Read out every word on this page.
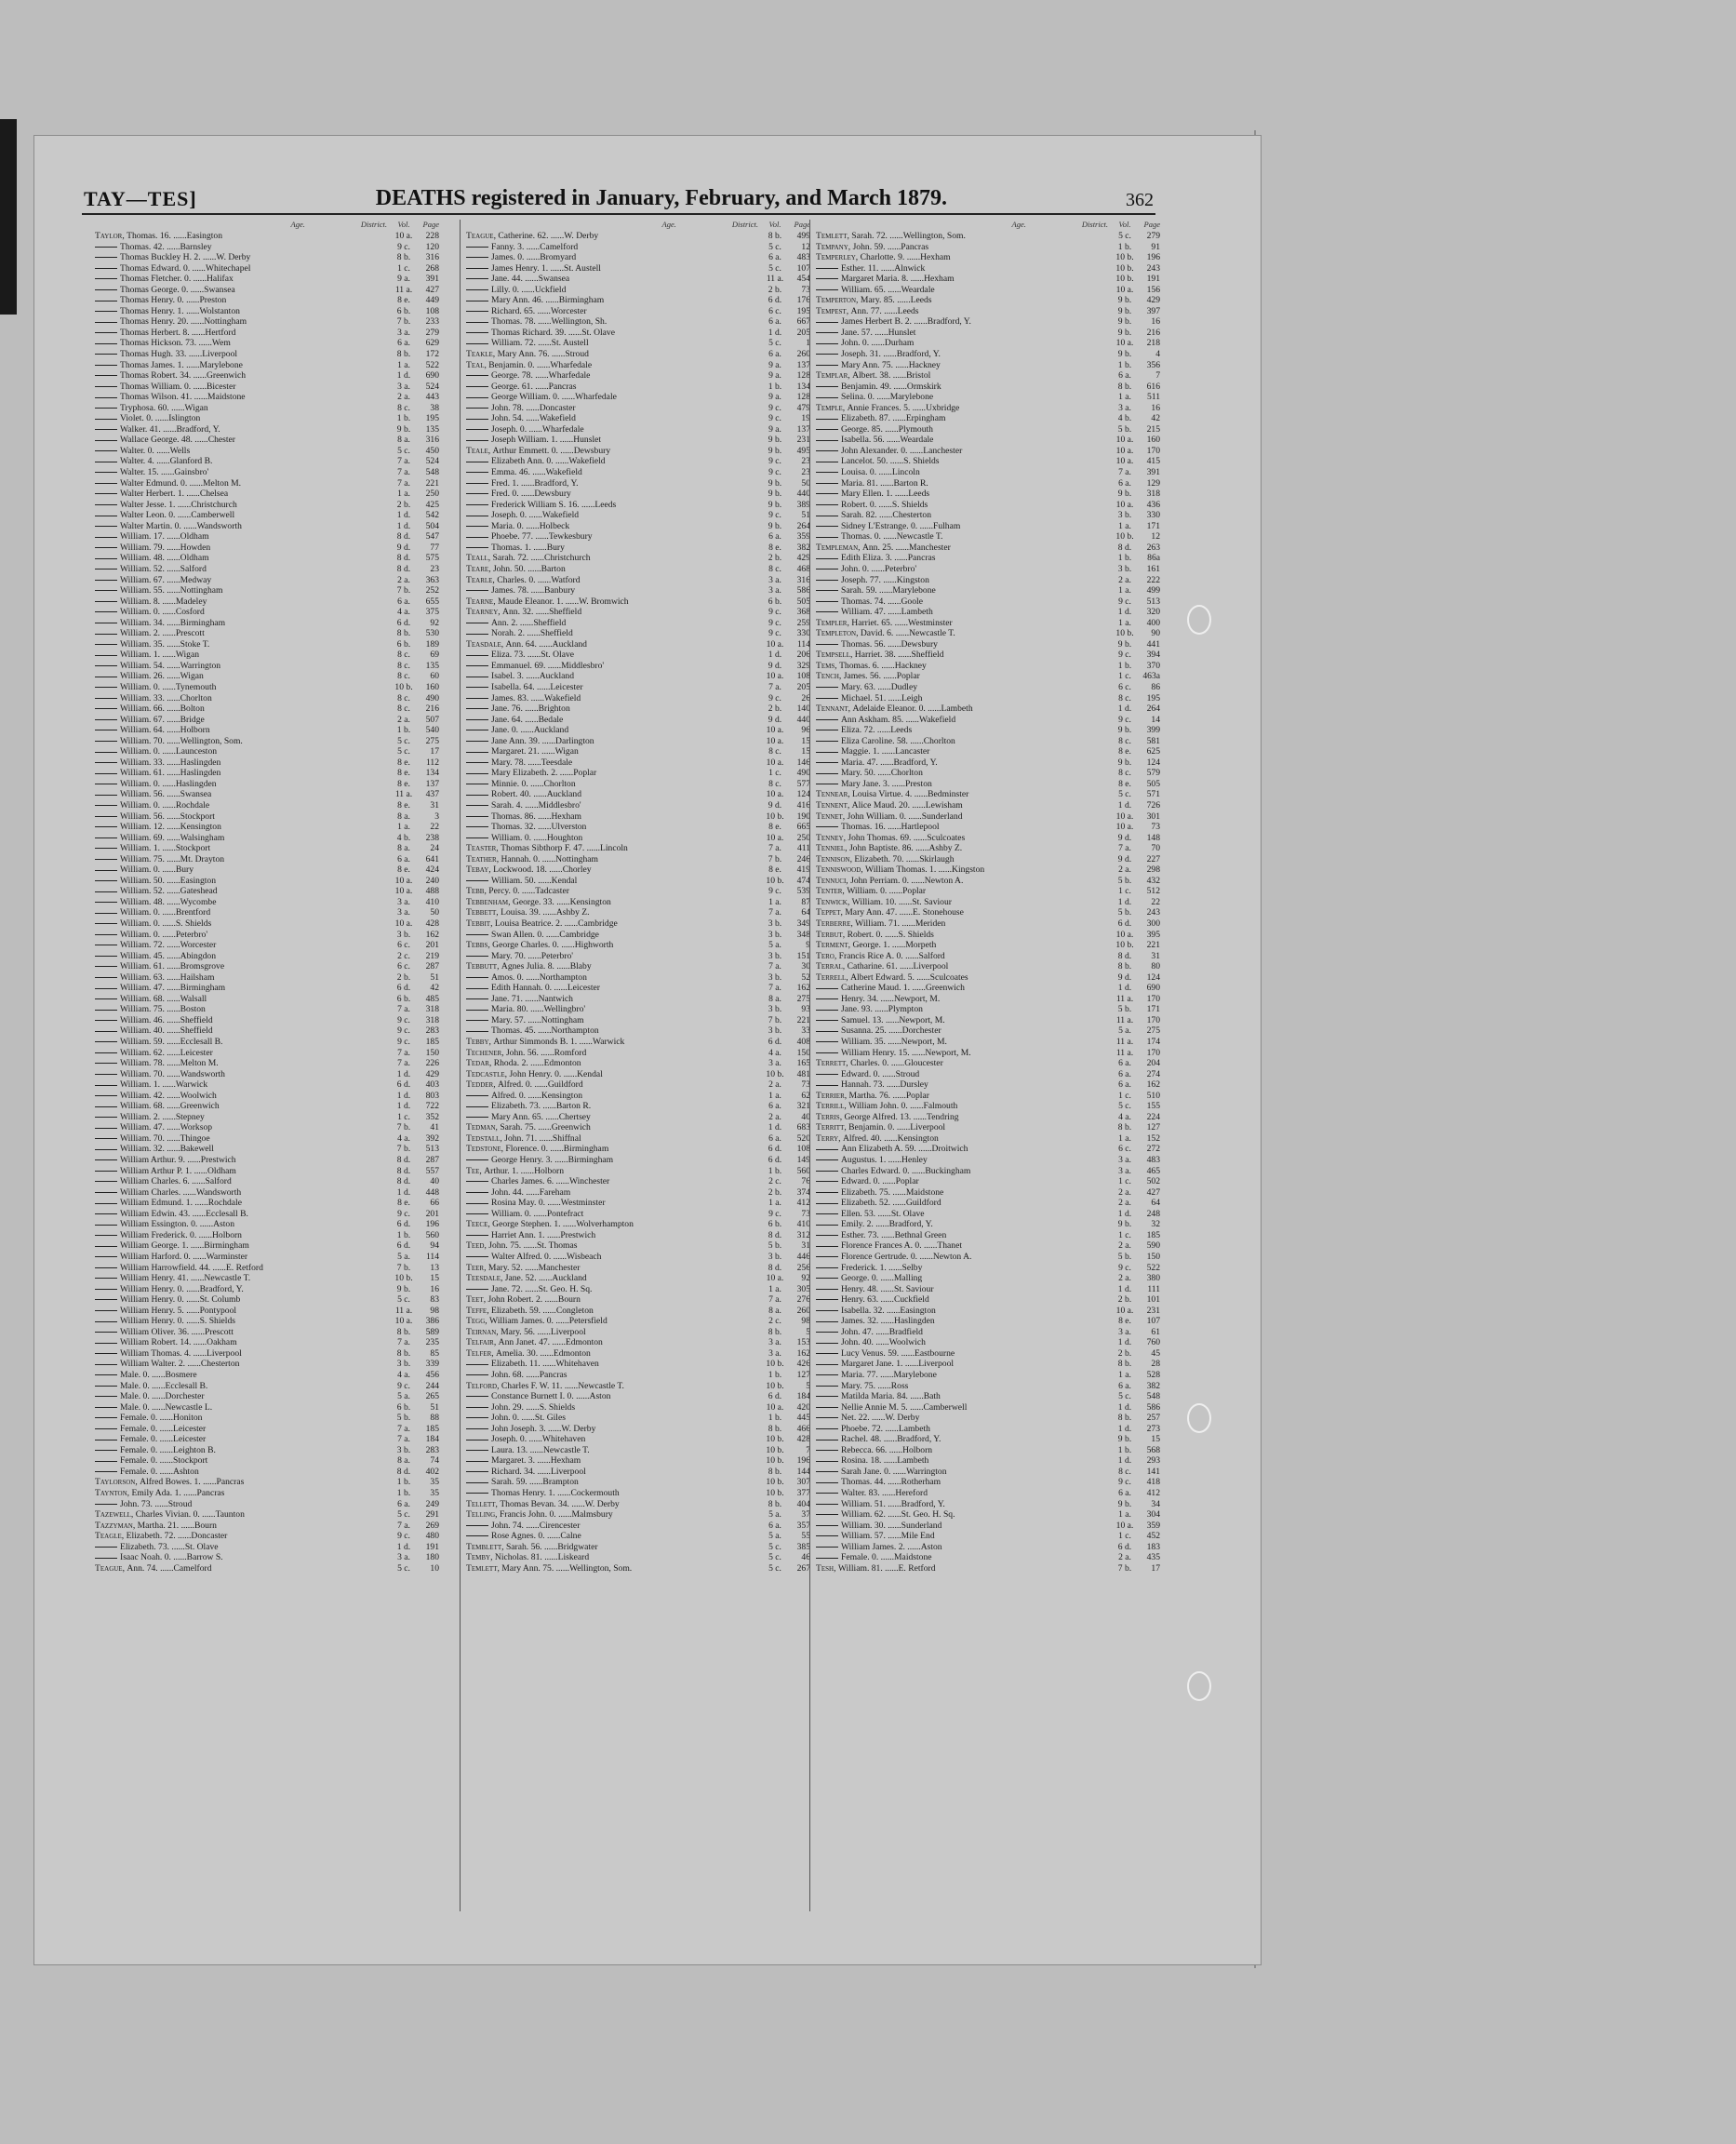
TAY—TES]	DEATHS registered in January, February, and March 1879.	362
Age.	District.	Vol.	Page
Taylor, Thomas. 16. ......Easington	10 a.	228
Thomas. 42. ......Barnsley	9 c.	120
Thomas Buckley H. 2. ......W. Derby	8 b.	316
Thomas Edward. 0. ......Whitechapel	1 c.	268
Thomas Fletcher. 0. ......Halifax	9 a.	391
Thomas George. 0. ......Swansea	11 a.	427
Thomas Henry. 0. ......Preston	8 e.	449
Thomas Henry. 1. ......Wolstanton	6 b.	108
Thomas Henry. 20. ......Nottingham	7 b.	233
Thomas Herbert. 8. ......Hertford	3 a.	279
Thomas Hickson. 73. ......Wem	6 a.	629
Thomas Hugh. 33. ......Liverpool	8 b.	172
Thomas James. 1. ......Marylebone	1 a.	522
Thomas Robert. 34. ......Greenwich	1 d.	690
Thomas William. 0. ......Bicester	3 a.	524
Thomas Wilson. 41. ......Maidstone	2 a.	443
Tryphosa. 60. ......Wigan	8 c.	38
Violet. 0. ......Islington	1 b.	195
Walker. 41. ......Bradford, Y.	9 b.	135
Wallace George. 48. ......Chester	8 a.	316
Walter. 0. ......Wells	5 c.	450
Walter. 4. ......Glanford B.	7 a.	524
Walter. 15. ......Gainsbro'	7 a.	548
Walter Edmund. 0. ......Melton M.	7 a.	221
Walter Herbert. 1. ......Chelsea	1 a.	250
Walter Jesse. 1. ......Christchurch	2 b.	425
Walter Leon. 0. ......Camberwell	1 d.	542
Walter Martin. 0. ......Wandsworth	1 d.	504
William. 17. ......Oldham	8 d.	547
William. 79. ......Howden	9 d.	77
William. 48. ......Oldham	8 d.	575
William. 52. ......Salford	8 d.	23
William. 67. ......Medway	2 a.	363
William. 55. ......Nottingham	7 b.	252
William. 8. ......Madeley	6 a.	655
William. 0. ......Cosford	4 a.	375
William. 34. ......Birmingham	6 d.	92
William. 2. ......Prescott	8 b.	530
William. 35. ......Stoke T.	6 b.	189
William. 1. ......Wigan	8 c.	69
William. 54. ......Warrington	8 c.	135
William. 26. ......Wigan	8 c.	60
William. 0. ......Tynemouth	10 b.	160
William. 33. ......Chorlton	8 c.	490
William. 66. ......Bolton	8 c.	216
William. 67. ......Bridge	2 a.	507
William. 64. ......Holborn	1 b.	540
William. 70. ......Wellington, Som.	5 c.	275
William. 0. ......Launceston	5 c.	17
William. 33. ......Haslingden	8 e.	112
William. 61. ......Haslingden	8 e.	134
William. 0. ......Haslingden	8 e.	137
William. 56. ......Swansea	11 a.	437
William. 0. ......Rochdale	8 e.	31
William. 56. ......Stockport	8 a.	3
William. 12. ......Kensington	1 a.	22
William. 69. ......Walsingham	4 b.	238
William. 1. ......Stockport	8 a.	24
William. 75. ......Mt. Drayton	6 a.	641
William. 0. ......Bury	8 e.	424
William. 50. ......Easington	10 a.	240
William. 52. ......Gateshead	10 a.	488
William. 48. ......Wycombe	3 a.	410
William. 0. ......Brentford	3 a.	50
William. 0. ......S. Shields	10 a.	428
William. 0. ......Peterbro'	3 b.	162
William. 72. ......Worcester	6 c.	201
William. 45. ......Abingdon	2 c.	219
William. 61. ......Bromsgrove	6 c.	287
William. 63. ......Hailsham	2 b.	51
William. 47. ......Birmingham	6 d.	42
William. 68. ......Walsall	6 b.	485
William. 75. ......Boston	7 a.	318
William. 46. ......Sheffield	9 c.	318
William. 40. ......Sheffield	9 c.	283
William. 59. ......Ecclesall B.	9 c.	185
William. 62. ......Leicester	7 a.	150
William. 78. ......Melton M.	7 a.	226
William. 70. ......Wandsworth	1 d.	429
William. 1. ......Warwick	6 d.	403
William. 42. ......Woolwich	1 d.	803
William. 68. ......Greenwich	1 d.	722
William. 2. ......Stepney	1 c.	352
William. 47. ......Worksop	7 b.	41
William. 70. ......Thingoe	4 a.	392
William. 32. ......Bakewell	7 b.	513
William Arthur. 9. ......Prestwich	8 d.	287
William Arthur P. 1. ......Oldham	8 d.	557
William Charles. 6. ......Salford	8 d.	40
William Charles. ......Wandsworth	1 d.	448
William Edmund. 1. ......Rochdale	8 e.	66
William Edwin. 43. ......Ecclesall B.	9 c.	201
William Essington. 0. ......Aston	6 d.	196
William Frederick. 0. ......Holborn	1 b.	560
William George. 1. ......Birmingham	6 d.	94
William Harford. 0. ......Warminster	5 a.	114
William Harrowfield. 44. ......E. Retford	7 b.	13
William Henry. 41. ......Newcastle T.	10 b.	15
William Henry. 0. ......Bradford, Y.	9 b.	16
William Henry. 0. ......St. Columb	5 c.	83
William Henry. 5. ......Pontypool	11 a.	98
William Henry. 0. ......S. Shields	10 a.	386
William Oliver. 36. ......Prescott	8 b.	589
William Robert. 14. ......Oakham	7 a.	235
William Thomas. 4. ......Liverpool	8 b.	85
William Walter. 2. ......Chesterton	3 b.	339
Male. 0. ......Bosmere	4 a.	456
Male. 0. ......Ecclesall B.	9 c.	244
Male. 0. ......Dorchester	5 a.	265
Male. 0. ......Newcastle L.	6 b.	51
Female. 0. ......Honiton	5 b.	88
Female. 0. ......Leicester	7 a.	185
Female. 0. ......Leicester	7 a.	184
Female. 0. ......Leighton B.	3 b.	283
Female. 0. ......Stockport	8 a.	74
Female. 0. ......Ashton	8 d.	402
Taylorson, Alfred Bowes. 1. ......Pancras	1 b.	35
Taynton, Emily Ada. 1. ......Pancras	1 b.	35
John. 73. ......Stroud	6 a.	249
Tazewell, Charles Vivian. 0. ......Taunton	5 c.	291
Tazzyman, Martha. 21. ......Bourn	7 a.	269
Teagle, Elizabeth. 72. ......Doncaster	9 c.	480
Elizabeth. 73. ......St. Olave	1 d.	191
Isaac Noah. 0. ......Barrow S.	3 a.	180
Teague, Ann. 74. ......Camelford	5 c.	10
Age.	District.	Vol.	Page
Teague, Catherine. 62. ......W. Derby	8 b.	499
Fanny. 3. ......Camelford	5 c.	12
James. 0. ......Bromyard	6 a.	483
James Henry. 1. ......St. Austell	5 c.	107
Jane. 44. ......Swansea	11 a.	454
Lilly. 0. ......Uckfield	2 b.	73
Mary Ann. 46. ......Birmingham	6 d.	176
Richard. 65. ......Worcester	6 c.	195
Thomas. 78. ......Wellington, Sh.	6 a.	667
Thomas Richard. 39. ......St. Olave	1 d.	205
William. 72. ......St. Austell	5 c.	1
Teakle, Mary Ann. 76. ......Stroud	6 a.	260
Teal, Benjamin. 0. ......Wharfedale	9 a.	137
George. 78. ......Wharfedale	9 a.	128
George. 61. ......Pancras	1 b.	134
George William. 0. ......Wharfedale	9 a.	128
John. 78. ......Doncaster	9 c.	479
John. 54. ......Wakefield	9 c.	19
Joseph. 0. ......Wharfedale	9 a.	137
Joseph William. 1. ......Hunslet	9 b.	231
Teale, Arthur Emmett. 0. ......Dewsbury	9 b.	495
Elizabeth Ann. 0. ......Wakefield	9 c.	23
Emma. 46. ......Wakefield	9 c.	23
Fred. 1. ......Bradford, Y.	9 b.	50
Fred. 0. ......Dewsbury	9 b.	440
Frederick William S. 16. ......Leeds	9 b.	389
Joseph. 0. ......Wakefield	9 c.	51
Maria. 0. ......Holbeck	9 b.	264
Phoebe. 77. ......Tewkesbury	6 a.	359
Thomas. 1. ......Bury	8 e.	382
Teall, Sarah. 72. ......Christchurch	2 b.	429
Teare, John. 50. ......Barton	8 c.	468
Tearle, Charles. 0. ......Watford	3 a.	316
James. 78. ......Banbury	3 a.	586
Tearne, Maude Eleanor. 1. ......W. Bromwich	6 b.	505
Tearney, Ann. 32. ......Sheffield	9 c.	368
Ann. 2. ......Sheffield	9 c.	259
Norah. 2. ......Sheffield	9 c.	330
Teasdale, Ann. 64. ......Auckland	10 a.	114
Eliza. 73. ......St. Olave	1 d.	206
Emmanuel. 69. ......Middlesbro'	9 d.	329
Isabel. 3. ......Auckland	10 a.	108
Isabella. 64. ......Leicester	7 a.	205
James. 83. ......Wakefield	9 c.	26
Jane. 76. ......Brighton	2 b.	140
Jane. 64. ......Bedale	9 d.	440
Jane. 0. ......Auckland	10 a.	96
Jane Ann. 39. ......Darlington	10 a.	15
Margaret. 21. ......Wigan	8 c.	15
Mary. 78. ......Teesdale	10 a.	146
Mary Elizabeth. 2. ......Poplar	1 c.	490
Minnie. 0. ......Chorlton	8 c.	577
Robert. 40. ......Auckland	10 a.	124
Sarah. 4. ......Middlesbro'	9 d.	416
Thomas. 86. ......Hexham	10 b.	190
Thomas. 32. ......Ulverston	8 e.	665
William. 0. ......Houghton	10 a.	250
Teaster, Thomas Sibthorp F. 47. ......Lincoln	7 a.	411
Teather, Hannah. 0. ......Nottingham	7 b.	246
Tebay, Lockwood. 18. ......Chorley	8 e.	419
William. 50. ......Kendal	10 b.	474
Tebb, Percy. 0. ......Tadcaster	9 c.	539
Tebbenham, George. 33. ......Kensington	1 a.	87
Tebbett, Louisa. 39. ......Ashby Z.	7 a.	64
Tebbit, Louisa Beatrice. 2. ......Cambridge	3 b.	349
Swan Allen. 0. ......Cambridge	3 b.	348
Tebbs, George Charles. 0. ......Highworth	5 a.	9
Mary. 70. ......Peterbro'	3 b.	151
Tebbutt, Agnes Julia. 8. ......Blaby	7 a.	30
Amos. 0. ......Northampton	3 b.	52
Edith Hannah. 0. ......Leicester	7 a.	162
Jane. 71. ......Nantwich	8 a.	275
Maria. 80. ......Wellingbro'	3 b.	93
Mary. 57. ......Nottingham	7 b.	221
Thomas. 45. ......Northampton	3 b.	33
Tebby, Arthur Simmonds B. 1. ......Warwick	6 d.	408
Techener, John. 56. ......Romford	4 a.	150
Tedar, Rhoda. 2. ......Edmonton	3 a.	165
Tedcastle, John Henry. 0. ......Kendal	10 b.	481
Tedder, Alfred. 0. ......Guildford	2 a.	73
Alfred. 0. ......Kensington	1 a.	62
Elizabeth. 73. ......Barton R.	6 a.	321
Mary Ann. 65. ......Chertsey	2 a.	40
Tedman, Sarah. 75. ......Greenwich	1 d.	683
Tedstall, John. 71. ......Shiffnal	6 a.	520
Tedstone, Florence. 0. ......Birmingham	6 d.	108
George Henry. 3. ......Birmingham	6 d.	149
Tee, Arthur. 1. ......Holborn	1 b.	560
Charles James. 6. ......Winchester	2 c.	76
John. 44. ......Fareham	2 b.	374
Rosina May. 0. ......Westminster	1 a.	412
William. 0. ......Pontefract	9 c.	73
Teece, George Stephen. 1. ......Wolverhampton	6 b.	410
Harriet Ann. 1. ......Prestwich	8 d.	312
Teed, John. 75. ......St. Thomas	5 b.	31
Walter Alfred. 0. ......Wisbeach	3 b.	446
Teer, Mary. 52. ......Manchester	8 d.	256
Teesdale, Jane. 52. ......Auckland	10 a.	92
Jane. 72. ......St. Geo. H. Sq.	1 a.	305
Teet, John Robert. 2. ......Bourn	7 a.	276
Teffe, Elizabeth. 59. ......Congleton	8 a.	260
Tegg, William James. 0. ......Petersfield	2 c.	98
Teirnan, Mary. 56. ......Liverpool	8 b.	5
Telfair, Ann Janet. 47. ......Edmonton	3 a.	153
Telfer, Amelia. 30. ......Edmonton	3 a.	162
Elizabeth. 11. ......Whitehaven	10 b.	426
John. 68. ......Pancras	1 b.	127
Telford, Charles F. W. 11. ......Newcastle T.	10 b.	5
Constance Burnett I. 0. ......Aston	6 d.	184
John. 29. ......S. Shields	10 a.	420
John. 0. ......St. Giles	1 b.	445
John Joseph. 3. ......W. Derby	8 b.	466
Joseph. 0. ......Whitehaven	10 b.	428
Laura. 13. ......Newcastle T.	10 b.	7
Margaret. 3. ......Hexham	10 b.	196
Richard. 34. ......Liverpool	8 b.	144
Sarah. 59. ......Brampton	10 b.	307
Thomas Henry. 1. ......Cockermouth	10 b.	377
Tellett, Thomas Bevan. 34. ......W. Derby	8 b.	404
Telling, Francis John. 0. ......Malmsbury	5 a.	37
John. 74. ......Cirencester	6 a.	357
Rose Agnes. 0. ......Calne	5 a.	55
Temblett, Sarah. 56. ......Bridgwater	5 c.	385
Temby, Nicholas. 81. ......Liskeard	5 c.	46
Temlett, Mary Ann. 75. ......Wellington, Som.	5 c.	267
Age.	District.	Vol.	Page
Temlett, Sarah. 72. ......Wellington, Som.	5 c.	279
Tempany, John. 59. ......Pancras	1 b.	91
Temperley, Charlotte. 9. ......Hexham	10 b.	196
Esther. 11. ......Alnwick	10 b.	243
Margaret Maria. 8. ......Hexham	10 b.	191
William. 65. ......Weardale	10 a.	156
Temperton, Mary. 85. ......Leeds	9 b.	429
Tempest, Ann. 77. ......Leeds	9 b.	397
James Herbert B. 2. ......Bradford, Y.	9 b.	16
Jane. 57. ......Hunslet	9 b.	216
John. 0. ......Durham	10 a.	218
Joseph. 31. ......Bradford, Y.	9 b.	4
Mary Ann. 75. ......Hackney	1 b.	356
Templar, Albert. 38. ......Bristol	6 a.	7
Benjamin. 49. ......Ormskirk	8 b.	616
Selina. 0. ......Marylebone	1 a.	511
Temple, Annie Frances. 5. ......Uxbridge	3 a.	16
Elizabeth. 87. ......Erpingham	4 b.	42
George. 85. ......Plymouth	5 b.	215
Isabella. 56. ......Weardale	10 a.	160
John Alexander. 0. ......Lanchester	10 a.	170
Lancelot. 50. ......S. Shields	10 a.	415
Louisa. 0. ......Lincoln	7 a.	391
Maria. 81. ......Barton R.	6 a.	129
Mary Ellen. 1. ......Leeds	9 b.	318
Robert. 0. ......S. Shields	10 a.	436
Sarah. 82. ......Chesterton	3 b.	330
Sidney L'Estrange. 0. ......Fulham	1 a.	171
Thomas. 0. ......Newcastle T.	10 b.	12
Templeman, Ann. 25. ......Manchester	8 d.	263
Edith Eliza. 3. ......Pancras	1 b.	86a
John. 0. ......Peterbro'	3 b.	161
Joseph. 77. ......Kingston	2 a.	222
Sarah. 59. ......Marylebone	1 a.	499
Thomas. 74. ......Goole	9 c.	513
William. 47. ......Lambeth	1 d.	320
Templer, Harriet. 65. ......Westminster	1 a.	400
Templeton, David. 6. ......Newcastle T.	10 b.	90
Thomas. 56. ......Dewsbury	9 b.	441
Tempsell, Harriet. 38. ......Sheffield	9 c.	394
Tems, Thomas. 6. ......Hackney	1 b.	370
Tench, James. 56. ......Poplar	1 c.	463a
Mary. 63. ......Dudley	6 c.	86
Michael. 51. ......Leigh	8 c.	195
Tennant, Adelaide Eleanor. 0. ......Lambeth	1 d.	264
Ann Askham. 85. ......Wakefield	9 c.	14
Eliza. 72. ......Leeds	9 b.	399
Eliza Caroline. 58. ......Chorlton	8 c.	581
Maggie. 1. ......Lancaster	8 e.	625
Maria. 47. ......Bradford, Y.	9 b.	124
Mary. 50. ......Chorlton	8 c.	579
Mary Jane. 3. ......Preston	8 e.	505
Tennear, Louisa Virtue. 4. ......Bedminster	5 c.	571
Tennent, Alice Maud. 20. ......Lewisham	1 d.	726
Tennet, John William. 0. ......Sunderland	10 a.	301
Thomas. 16. ......Hartlepool	10 a.	73
Tenney, John Thomas. 69. ......Sculcoates	9 d.	148
Tenniel, John Baptiste. 86. ......Ashby Z.	7 a.	70
Tennison, Elizabeth. 70. ......Skirlaugh	9 d.	227
Tenniswood, William Thomas. 1. ......Kingston	2 a.	298
Tennuci, John Perriam. 0. ......Newton A.	5 b.	432
Tenter, William. 0. ......Poplar	1 c.	512
Tenwick, William. 10. ......St. Saviour	1 d.	22
Teppet, Mary Ann. 47. ......E. Stonehouse	5 b.	243
Terberre, William. 71. ......Meriden	6 d.	300
Terbut, Robert. 0. ......S. Shields	10 a.	395
Terment, George. 1. ......Morpeth	10 b.	221
Tero, Francis Rice A. 0. ......Salford	8 d.	31
Terral, Catharine. 61. ......Liverpool	8 b.	80
Terrell, Albert Edward. 5. ......Sculcoates	9 d.	124
Catherine Maud. 1. ......Greenwich	1 d.	690
Henry. 34. ......Newport, M.	11 a.	170
Jane. 93. ......Plympton	5 b.	171
Samuel. 13. ......Newport, M.	11 a.	170
Susanna. 25. ......Dorchester	5 a.	275
William. 35. ......Newport, M.	11 a.	174
William Henry. 15. ......Newport, M.	11 a.	170
Terrett, Charles. 0. ......Gloucester	6 a.	204
Edward. 0. ......Stroud	6 a.	274
Hannah. 73. ......Dursley	6 a.	162
Terrier, Martha. 76. ......Poplar	1 c.	510
Terrill, William John. 0. ......Falmouth	5 c.	155
Terris, George Alfred. 13. ......Tendring	4 a.	224
Territt, Benjamin. 0. ......Liverpool	8 b.	127
Terry, Alfred. 40. ......Kensington	1 a.	152
Ann Elizabeth A. 59. ......Droitwich	6 c.	272
Augustus. 1. ......Henley	3 a.	483
Charles Edward. 0. ......Buckingham	3 a.	465
Edward. 0. ......Poplar	1 c.	502
Elizabeth. 75. ......Maidstone	2 a.	427
Elizabeth. 52. ......Guildford	2 a.	64
Ellen. 53. ......St. Olave	1 d.	248
Emily. 2. ......Bradford, Y.	9 b.	32
Esther. 73. ......Bethnal Green	1 c.	185
Florence Frances A. 0. ......Thanet	2 a.	590
Florence Gertrude. 0. ......Newton A.	5 b.	150
Frederick. 1. ......Selby	9 c.	522
George. 0. ......Malling	2 a.	380
Henry. 48. ......St. Saviour	1 d.	111
Henry. 63. ......Cuckfield	2 b.	101
Isabella. 32. ......Easington	10 a.	231
James. 32. ......Haslingden	8 e.	107
John. 47. ......Bradfield	3 a.	61
John. 40. ......Woolwich	1 d.	760
Lucy Venus. 59. ......Eastbourne	2 b.	45
Margaret Jane. 1. ......Liverpool	8 b.	28
Maria. 77. ......Marylebone	1 a.	528
Mary. 75. ......Ross	6 a.	382
Matilda Maria. 84. ......Bath	5 c.	548
Nellie Annie M. 5. ......Camberwell	1 d.	586
Net. 22. ......W. Derby	8 b.	257
Phoebe. 72. ......Lambeth	1 d.	273
Rachel. 48. ......Bradford, Y.	9 b.	15
Rebecca. 66. ......Holborn	1 b.	568
Rosina. 18. ......Lambeth	1 d.	293
Sarah Jane. 0. ......Warrington	8 c.	141
Thomas. 44. ......Rotherham	9 c.	418
Walter. 83. ......Hereford	6 a.	412
William. 51. ......Bradford, Y.	9 b.	34
William. 62. ......St. Geo. H. Sq.	1 a.	304
William. 30. ......Sunderland	10 a.	359
William. 57. ......Mile End	1 c.	452
William James. 2. ......Aston	6 d.	183
Female. 0. ......Maidstone	2 a.	435
Tesh, William. 81. ......E. Retford	7 b.	17
